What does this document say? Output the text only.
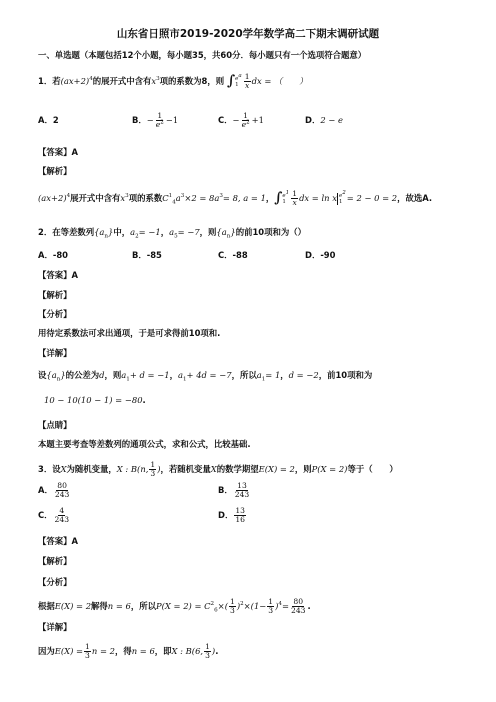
山东省日照市2019-2020学年数学高二下期末调研试题
一、单选题（本题包括12个小题，每小题35，共60分．每小题只有一个选项符合题意）
1．若$(ax+2)^4$的展开式中含有$x^3$项的系数为8，则 ∫ $e^a$
$1 \frac{1}{x}$ dx = （　　）
A．2	B．− $\frac{1}{e^2} -1$	C．− $\frac{1}{e^2} +1$	D．2 − e
【答案】A
【解析】
$(ax+2)^4$展开式中含有$x^3$项的系数$C^1_4a^3\times 2 = 8a^3= 8$, a = 1，∫ $e^1$
$1 \frac{1}{x}$ dx = ln x $e^2$
1 = 2 − 0 = 2，故选A.
2．在等差数列$\{a_n\}$中，$a_2= -1$，$a_5= -7$，则$\{a_n\}$的前10项和为（）
A．-80	B．-85	C．-88	D．-90
【答案】A
【解析】
【分析】
用待定系数法可求出通项，于是可求得前10项和.
【详解】
设$\{a_n\}$的公差为d，则$a_1+ d = -1$，$a_1+ 4d = -7$，所以$a_1= 1$，d = −2，前10项和为
10 − 10(10 − 1) = −80.
【点睛】
本题主要考查等差数列的通项公式，求和公式，比较基础.
3．设X为随机变量，X : B(n, $\frac{1}{3}$ )，若随机变量X的数学期望E(X) = 2，则P(X = 2)等于（　　）
A． $\frac{80}{243}$	B． $\frac{13}{243}$
C． $\frac{4}{243}$	D． $\frac{13}{16}$
【答案】A
【解析】
【分析】
根据E(X) = 2解得n = 6，所以$P(X = 2) = C^2_6\times( \frac{1}{3} )^2\times(1- \frac{1}{3} )^4= \frac{80}{243}$ .
【详解】
因为$E(X) = \frac{1}{3}$ n = 2，得n = 6，即X : B(6, $\frac{1}{3}$ ).
